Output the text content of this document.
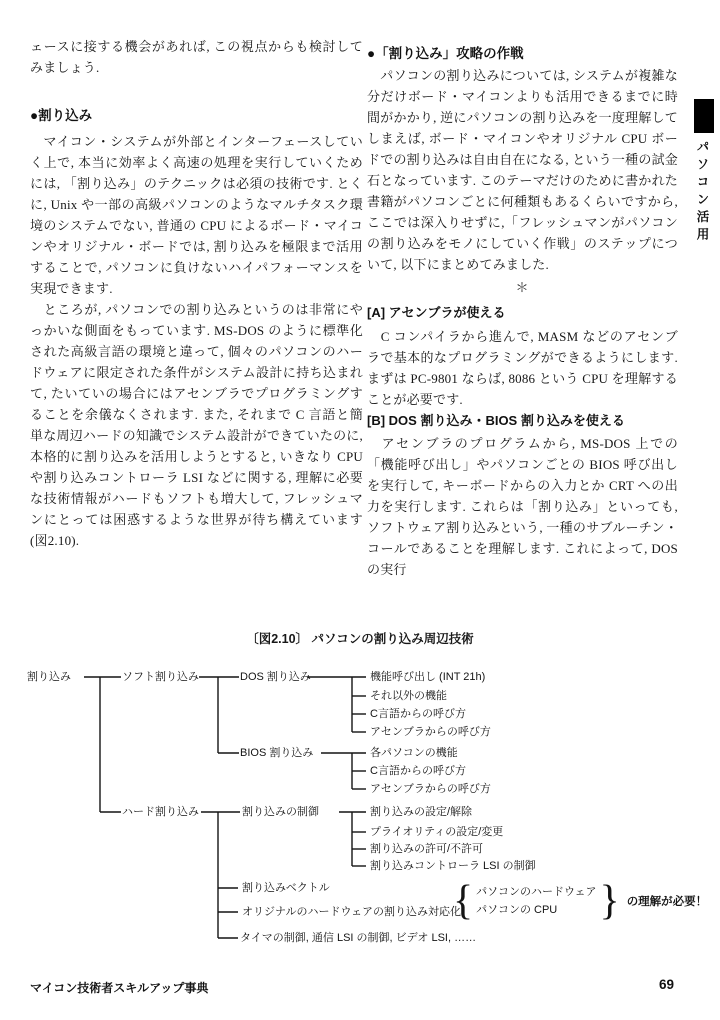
ェースに接する機会があれば, この視点からも検討してみましょう.
●割り込み
　マイコン・システムが外部とインターフェースしていく上で, 本当に効率よく高速の処理を実行していくためには, 「割り込み」のテクニックは必須の技術です. とくに, Unix や一部の高級パソコンのようなマルチタスク環境のシステムでない, 普通の CPU によるボード・マイコンやオリジナル・ボードでは, 割り込みを極限まで活用することで, パソコンに負けないハイパフォーマンスを実現できます.
　ところが, パソコンでの割り込みというのは非常にやっかいな側面をもっています. MS-DOS のように標準化された高級言語の環境と違って, 個々のパソコンのハードウェアに限定された条件がシステム設計に持ち込まれて, たいていの場合にはアセンブラでプログラミングすることを余儀なくされます. また, それまで C 言語と簡単な周辺ハードの知識でシステム設計ができていたのに, 本格的に割り込みを活用しようとすると, いきなり CPU や割り込みコントローラ LSI などに関する, 理解に必要な技術情報がハードもソフトも増大して, フレッシュマンにとっては困惑するような世界が待ち構えています(図2.10).
●「割り込み」攻略の作戦
　パソコンの割り込みについては, システムが複雑な分だけボード・マイコンよりも活用できるまでに時間がかかり, 逆にパソコンの割り込みを一度理解してしまえば, ボード・マイコンやオリジナル CPU ボードでの割り込みは自由自在になる, という一種の試金石となっています. このテーマだけのために書かれた書籍がパソコンごとに何種類もあるくらいですから, ここでは深入りせずに,「フレッシュマンがパソコンの割り込みをモノにしていく作戦」のステップについて, 以下にまとめてみました.
＊
[A] アセンブラが使える
　C コンパイラから進んで, MASM などのアセンブラで基本的なプログラミングができるようにします. まずは PC-9801 ならば, 8086 という CPU を理解することが必要です.
[B] DOS 割り込み・BIOS 割り込みを使える
　アセンブラのプログラムから, MS-DOS 上での「機能呼び出し」やパソコンごとの BIOS 呼び出しを実行して, キーボードからの入力とか CRT への出力を実行します. これらは「割り込み」といっても, ソフトウェア割り込みという, 一種のサブルーチン・コールであることを理解します. これによって, DOS の実行
パソコン活用
〔図2.10〕 パソコンの割り込み周辺技術
割り込み	ソフト割り込み	DOS 割り込み	機能呼び出し (INT 21h)
それ以外の機能
C言語からの呼び方
アセンブラからの呼び方
BIOS 割り込み	各パソコンの機能
C言語からの呼び方
アセンブラからの呼び方
ハード割り込み	割り込みの制御	割り込みの設定/解除
プライオリティの設定/変更
割り込みの許可/不許可
割り込みコントローラ LSI の制御
割り込みベクトル
オリジナルのハードウェアの割り込み対応化
タイマの制御, 通信 LSI の制御, ビデオ LSI, ……
{ パソコンのハードウェア
パソコンの CPU	} の理解が必要！
マイコン技術者スキルアップ事典	69
